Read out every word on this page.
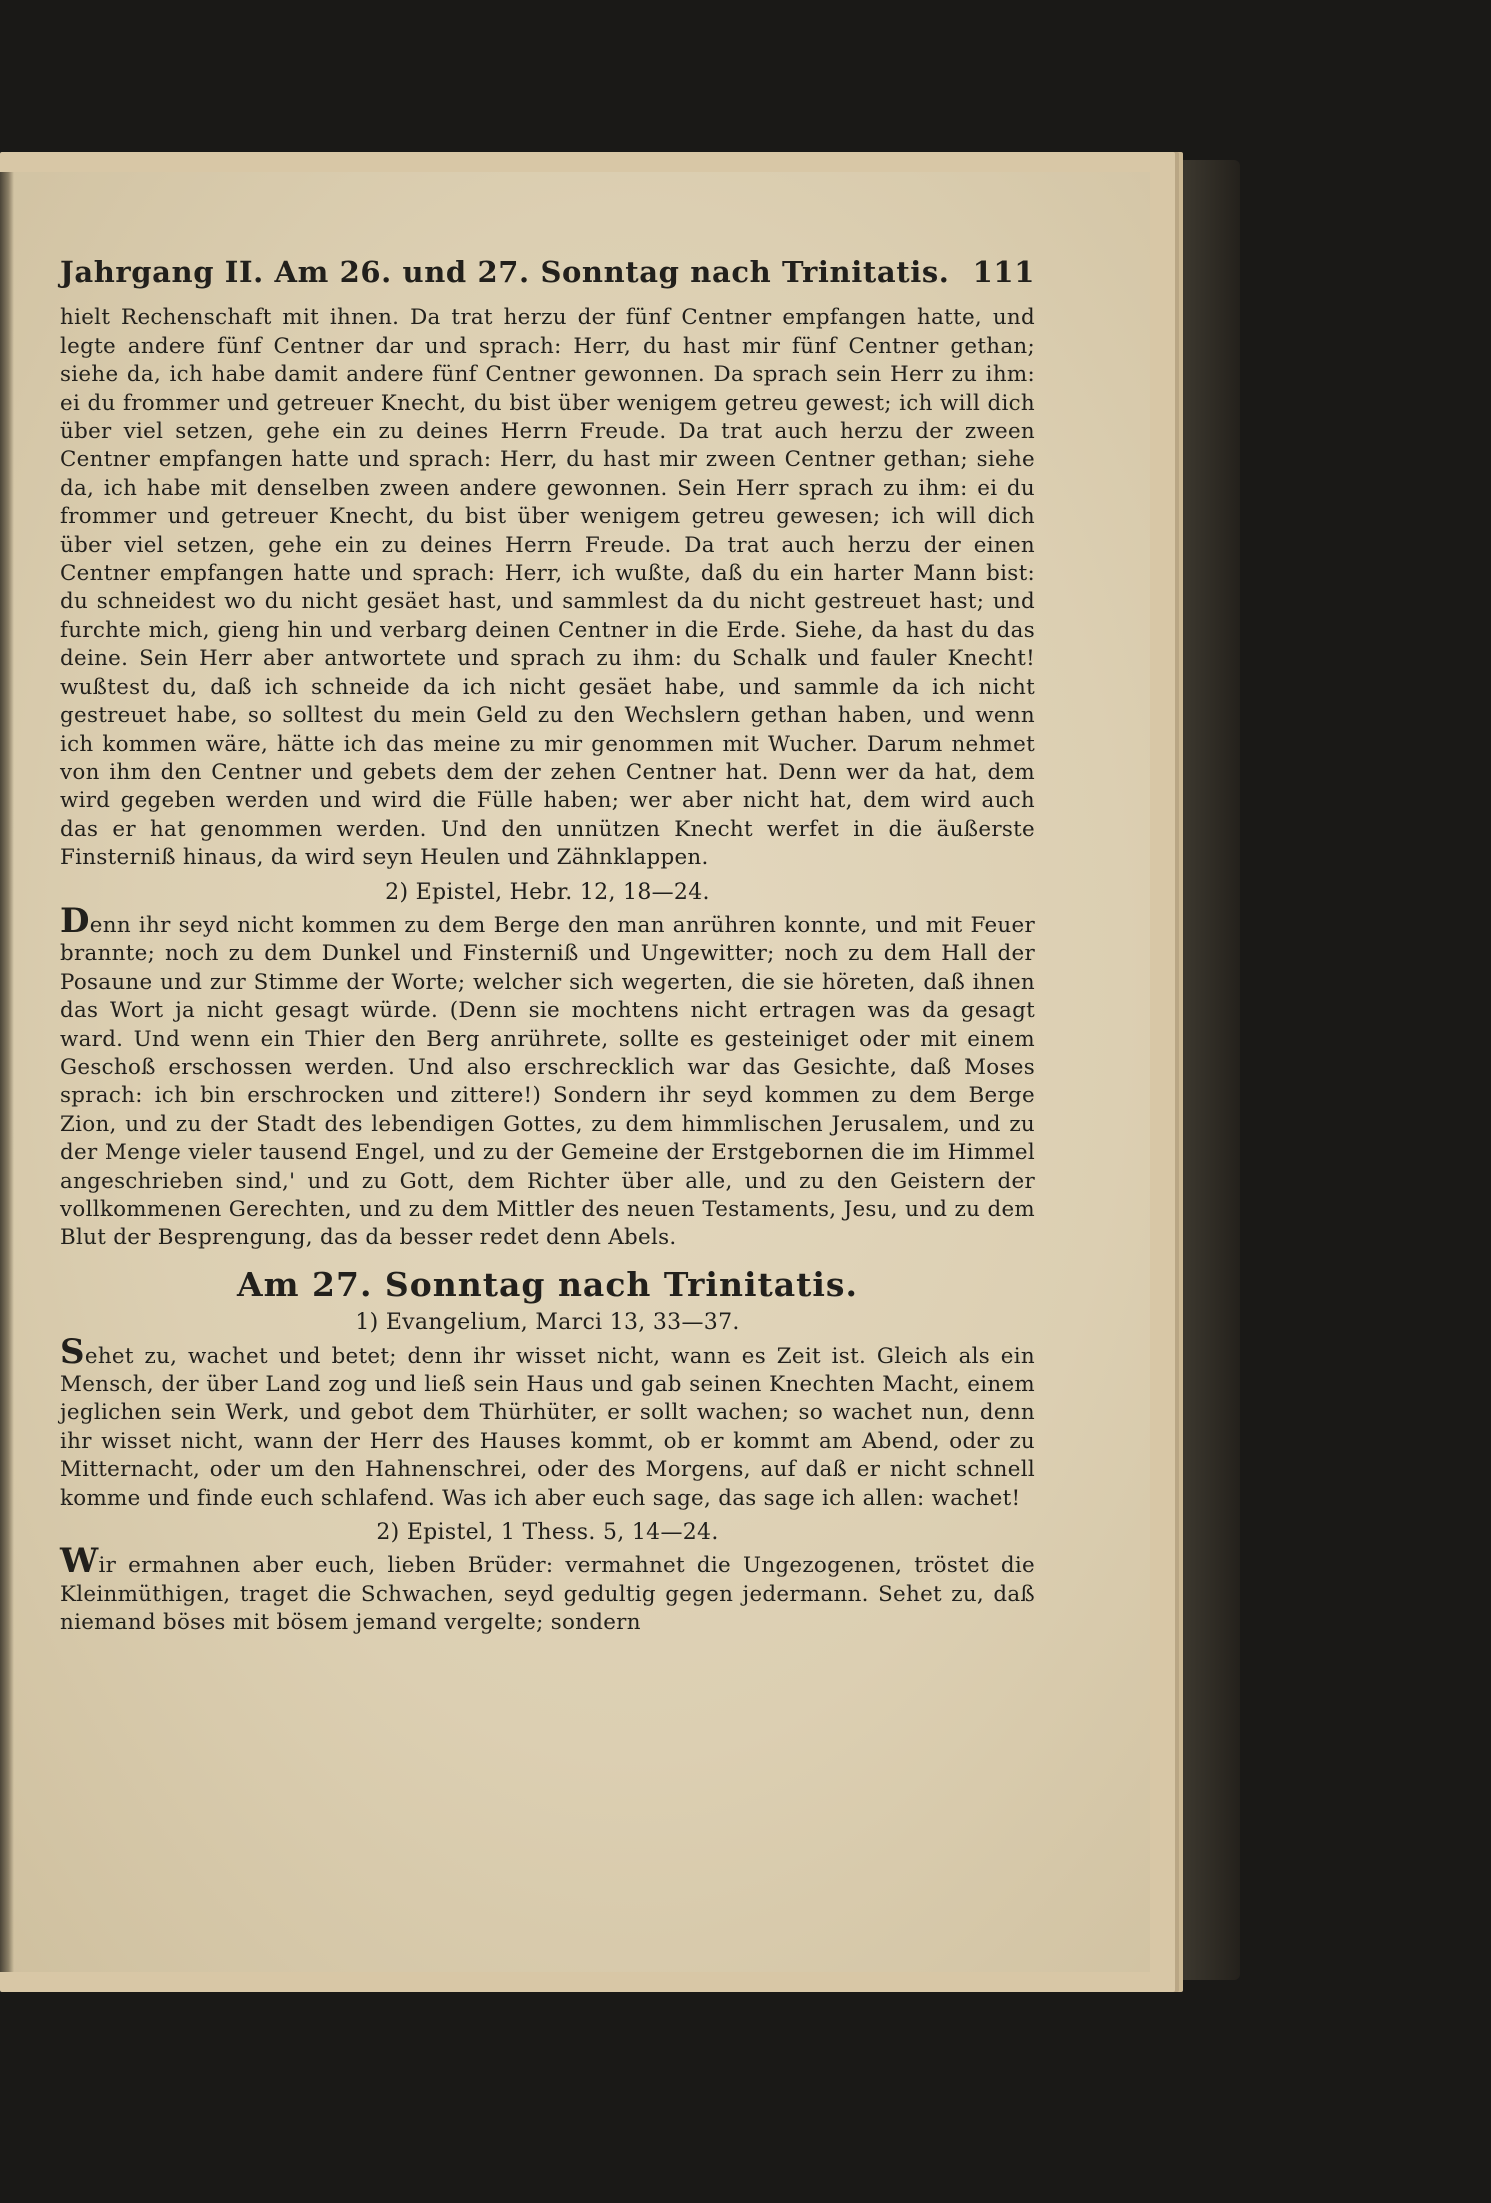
Jahrgang II. Am 26. und 27. Sonntag nach Trinitatis. 111

hielt Rechenschaft mit ihnen. Da trat herzu der fünf Centner empfangen hatte, und legte andere fünf Centner dar und sprach: Herr, du hast mir fünf Centner gethan; siehe da, ich habe damit andere fünf Centner gewonnen. Da sprach sein Herr zu ihm: ei du frommer und getreuer Knecht, du bist über wenigem getreu gewest; ich will dich über viel setzen, gehe ein zu deines Herrn Freude. Da trat auch herzu der zween Centner empfangen hatte und sprach: Herr, du hast mir zween Centner gethan; siehe da, ich habe mit denselben zween andere gewonnen. Sein Herr sprach zu ihm: ei du frommer und getreuer Knecht, du bist über wenigem getreu gewesen; ich will dich über viel setzen, gehe ein zu deines Herrn Freude. Da trat auch herzu der einen Centner empfangen hatte und sprach: Herr, ich wußte, daß du ein harter Mann bist: du schneidest wo du nicht gesäet hast, und sammlest da du nicht gestreuet hast; und furchte mich, gieng hin und verbarg deinen Centner in die Erde. Siehe, da hast du das deine. Sein Herr aber antwortete und sprach zu ihm: du Schalk und fauler Knecht! wußtest du, daß ich schneide da ich nicht gesäet habe, und sammle da ich nicht gestreuet habe, so solltest du mein Geld zu den Wechslern gethan haben, und wenn ich kommen wäre, hätte ich das meine zu mir genommen mit Wucher. Darum nehmet von ihm den Centner und gebets dem der zehen Centner hat. Denn wer da hat, dem wird gegeben werden und wird die Fülle haben; wer aber nicht hat, dem wird auch das er hat genommen werden. Und den unnützen Knecht werfet in die äußerste Finsterniß hinaus, da wird seyn Heulen und Zähnklappen.

2) Epistel, Hebr. 12, 18—24.

Denn ihr seyd nicht kommen zu dem Berge den man anrühren konnte, und mit Feuer brannte; noch zu dem Dunkel und Finsterniß und Ungewitter; noch zu dem Hall der Posaune und zur Stimme der Worte; welcher sich wegerten, die sie höreten, daß ihnen das Wort ja nicht gesagt würde. (Denn sie mochtens nicht ertragen was da gesagt ward. Und wenn ein Thier den Berg anrührete, sollte es gesteiniget oder mit einem Geschoß erschossen werden. Und also erschrecklich war das Gesichte, daß Moses sprach: ich bin erschrocken und zittere!) Sondern ihr seyd kommen zu dem Berge Zion, und zu der Stadt des lebendigen Gottes, zu dem himmlischen Jerusalem, und zu der Menge vieler tausend Engel, und zu der Gemeine der Erstgebornen die im Himmel angeschrieben sind,' und zu Gott, dem Richter über alle, und zu den Geistern der vollkommenen Gerechten, und zu dem Mittler des neuen Testaments, Jesu, und zu dem Blut der Besprengung, das da besser redet denn Abels.

Am 27. Sonntag nach Trinitatis.
1) Evangelium, Marci 13, 33—37.

Sehet zu, wachet und betet; denn ihr wisset nicht, wann es Zeit ist. Gleich als ein Mensch, der über Land zog und ließ sein Haus und gab seinen Knechten Macht, einem jeglichen sein Werk, und gebot dem Thürhüter, er sollt wachen; so wachet nun, denn ihr wisset nicht, wann der Herr des Hauses kommt, ob er kommt am Abend, oder zu Mitternacht, oder um den Hahnenschrei, oder des Morgens, auf daß er nicht schnell komme und finde euch schlafend. Was ich aber euch sage, das sage ich allen: wachet!

2) Epistel, 1 Thess. 5, 14—24.

Wir ermahnen aber euch, lieben Brüder: vermahnet die Ungezogenen, tröstet die Kleinmüthigen, traget die Schwachen, seyd gedultig gegen jedermann. Sehet zu, daß niemand böses mit bösem jemand vergelte; sondern
